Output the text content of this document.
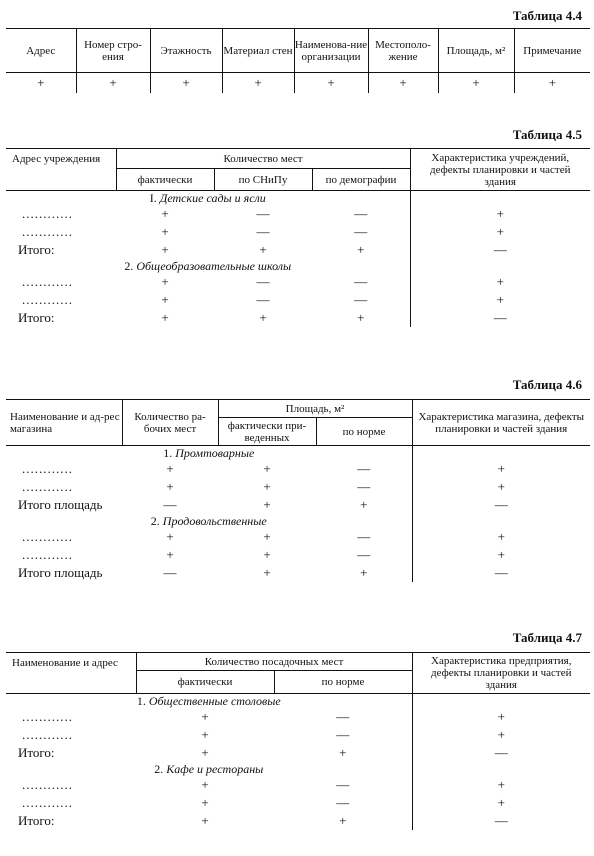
Таблица 4.4
Адрес	Номер стро-ения	Этажность	Материал стен	Наименова-ние организации	Местополо-жение	Площадь, м²	Примечание
+	+	+	+	+	+	+	+
Таблица 4.5
Адрес учреждения	Количество мест			Характеристика учреждений, дефекты планировки и частей здания
	фактически	по СНиПу	по демографии	
I. Детские сады и ясли				
............	+	—	—	+
............	+	—	—	+
Итого:	+	+	+	—
2. Общеобразовательные школы				
............	+	—	—	+
............	+	—	—	+
Итого:	+	+	+	—
Таблица 4.6
Наименование и ад-рес магазина	Количество ра-бочих мест	Площадь, м²		Характеристика магазина, дефекты планировки и частей здания
		фактически при-веденных	по норме	
1. Промтоварные				
............	+	+	—	+
............	+	+	—	+
Итого площадь	—	+	+	—
2. Продовольственные				
............	+	+	—	+
............	+	+	—	+
Итого площадь	—	+	+	—
Таблица 4.7
Наименование и адрес	Количество посадочных мест		Характеристика предприятия, дефекты планировки и частей здания
	фактически	по норме	
1. Общественные столовые			
............	+	—	+
............	+	—	+
Итого:	+	+	—
2. Кафе и рестораны			
............	+	—	+
............	+	—	+
Итого:	+	+	—
